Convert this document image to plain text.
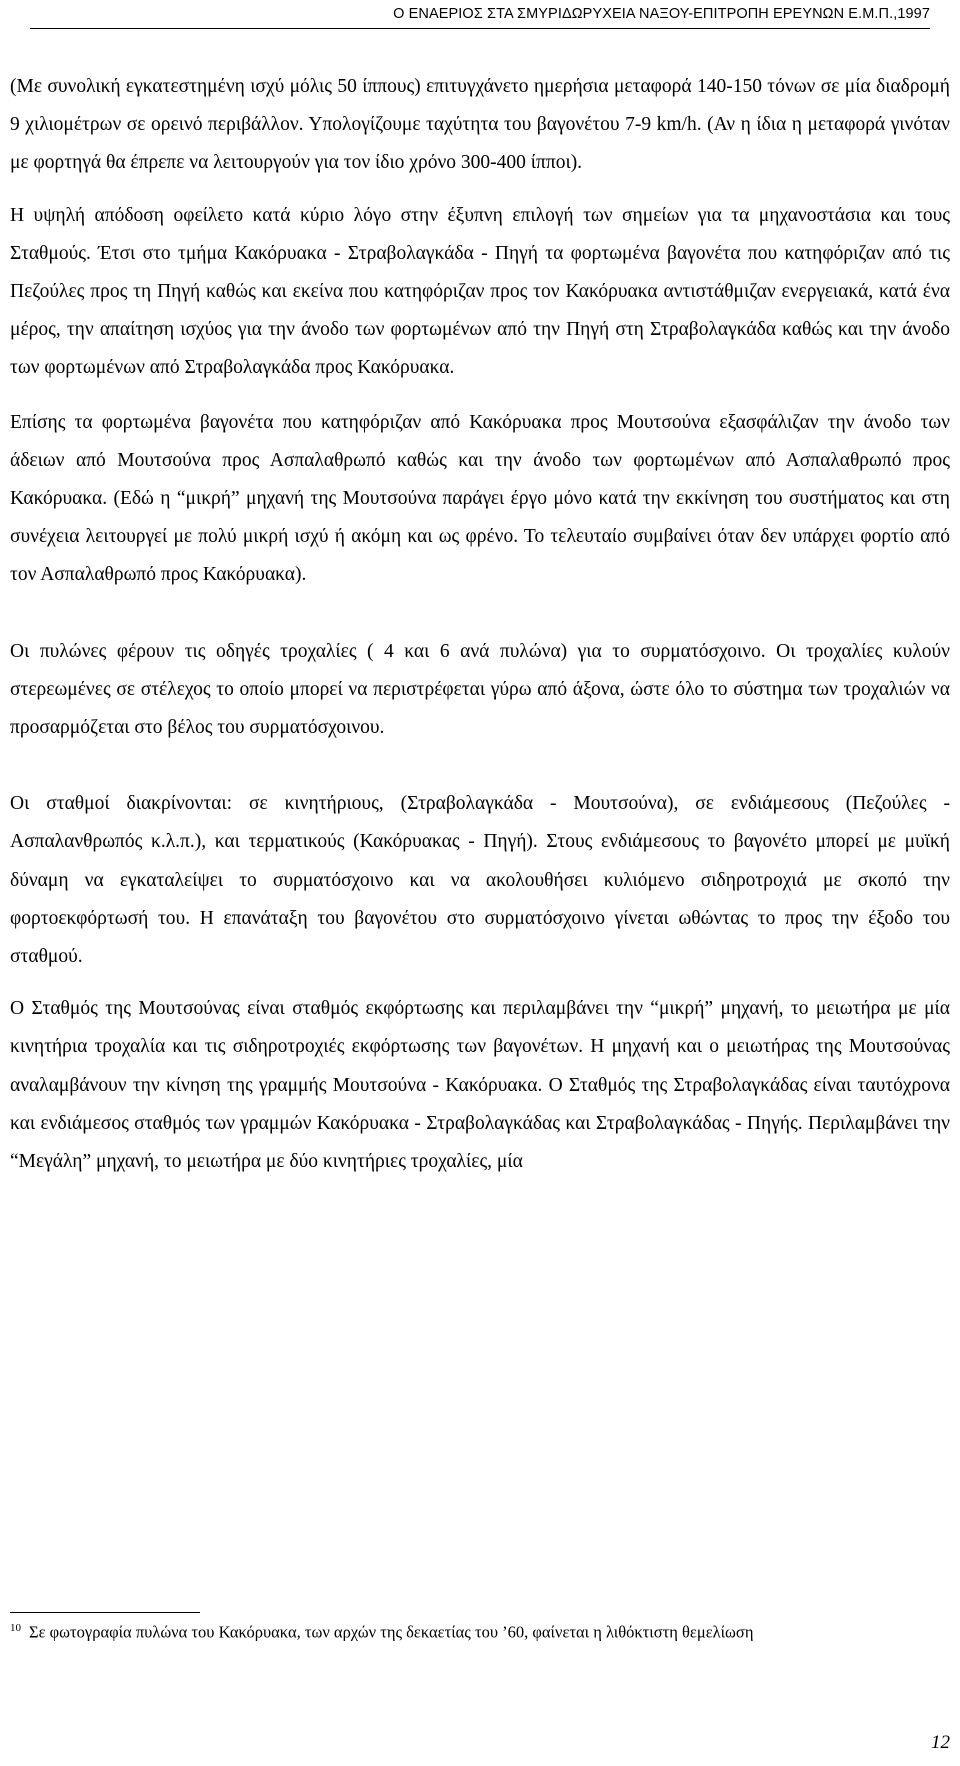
Ο ΕΝΑΕΡΙΟΣ ΣΤΑ ΣΜΥΡΙΔΩΡΥΧΕΙΑ ΝΑΞΟΥ-ΕΠΙΤΡΟΠΗ ΕΡΕΥΝΩΝ Ε.Μ.Π.,1997

(Με συνολική εγκατεστημένη ισχύ μόλις 50 ίππους) επιτυγχάνετο ημερήσια μεταφορά 140-150 τόνων σε μία διαδρομή 9 χιλιομέτρων σε ορεινό περιβάλλον. Υπολογίζουμε ταχύτητα του βαγονέτου 7-9 km/h. (Αν η ίδια η μεταφορά γινόταν με φορτηγά θα έπρεπε να λειτουργούν για τον ίδιο χρόνο 300-400 ίπποι).

Η υψηλή απόδοση οφείλετο κατά κύριο λόγο στην έξυπνη επιλογή των σημείων για τα μηχανοστάσια και τους Σταθμούς. Έτσι στο τμήμα Κακόρυακα - Στραβολαγκάδα - Πηγή τα φορτωμένα βαγονέτα που κατηφόριζαν από τις Πεζούλες προς τη Πηγή καθώς και εκείνα που κατηφόριζαν προς τον Κακόρυακα αντιστάθμιζαν ενεργειακά, κατά ένα μέρος, την απαίτηση ισχύος για την άνοδο των φορτωμένων από την Πηγή στη Στραβολαγκάδα καθώς και την άνοδο των φορτωμένων από Στραβολαγκάδα προς Κακόρυακα.

Επίσης τα φορτωμένα βαγονέτα που κατηφόριζαν από Κακόρυακα προς Μουτσούνα εξασφάλιζαν την άνοδο των άδειων από Μουτσούνα προς Ασπαλαθρωπό καθώς και την άνοδο των φορτωμένων από Ασπαλαθρωπό προς Κακόρυακα. (Εδώ η “μικρή” μηχανή της Μουτσούνα παράγει έργο μόνο κατά την εκκίνηση του συστήματος και στη συνέχεια λειτουργεί με πολύ μικρή ισχύ ή ακόμη και ως φρένο. Το τελευταίο συμβαίνει όταν δεν υπάρχει φορτίο από τον Ασπαλαθρωπό προς Κακόρυακα).

Οι πυλώνες φέρουν τις οδηγές τροχαλίες ( 4 και 6 ανά πυλώνα) για το συρματόσχοινο. Οι τροχαλίες κυλούν στερεωμένες σε στέλεχος το οποίο μπορεί να περιστρέφεται γύρω από άξονα, ώστε όλο το σύστημα των τροχαλιών να προσαρμόζεται στο βέλος του συρματόσχοινου.

Οι σταθμοί διακρίνονται: σε κινητήριους, (Στραβολαγκάδα - Μουτσούνα), σε ενδιάμεσους (Πεζούλες - Ασπαλανθρωπός κ.λ.π.), και τερματικούς (Κακόρυακας - Πηγή). Στους ενδιάμεσους το βαγονέτο μπορεί με μυϊκή δύναμη να εγκαταλείψει το συρματόσχοινο και να ακολουθήσει κυλιόμενο σιδηροτροχιά με σκοπό την φορτοεκφόρτωσή του. Η επανάταξη του βαγονέτου στο συρματόσχοινο γίνεται ωθώντας το προς την έξοδο του σταθμού.

Ο Σταθμός της Μουτσούνας είναι σταθμός εκφόρτωσης και περιλαμβάνει την “μικρή” μηχανή, το μειωτήρα με μία κινητήρια τροχαλία και τις σιδηροτροχιές εκφόρτωσης των βαγονέτων. Η μηχανή και ο μειωτήρας της Μουτσούνας αναλαμβάνουν την κίνηση της γραμμής Μουτσούνα - Κακόρυακα. Ο Σταθμός της Στραβολαγκάδας είναι ταυτόχρονα και ενδιάμεσος σταθμός των γραμμών Κακόρυακα - Στραβολαγκάδας και Στραβολαγκάδας - Πηγής. Περιλαμβάνει την “Μεγάλη” μηχανή, το μειωτήρα με δύο κινητήριες τροχαλίες, μία

$^{10}$ Σε φωτογραφία πυλώνα του Κακόρυακα, των αρχών της δεκαετίας του ’60, φαίνεται η λιθόκτιστη θεμελίωση
12
